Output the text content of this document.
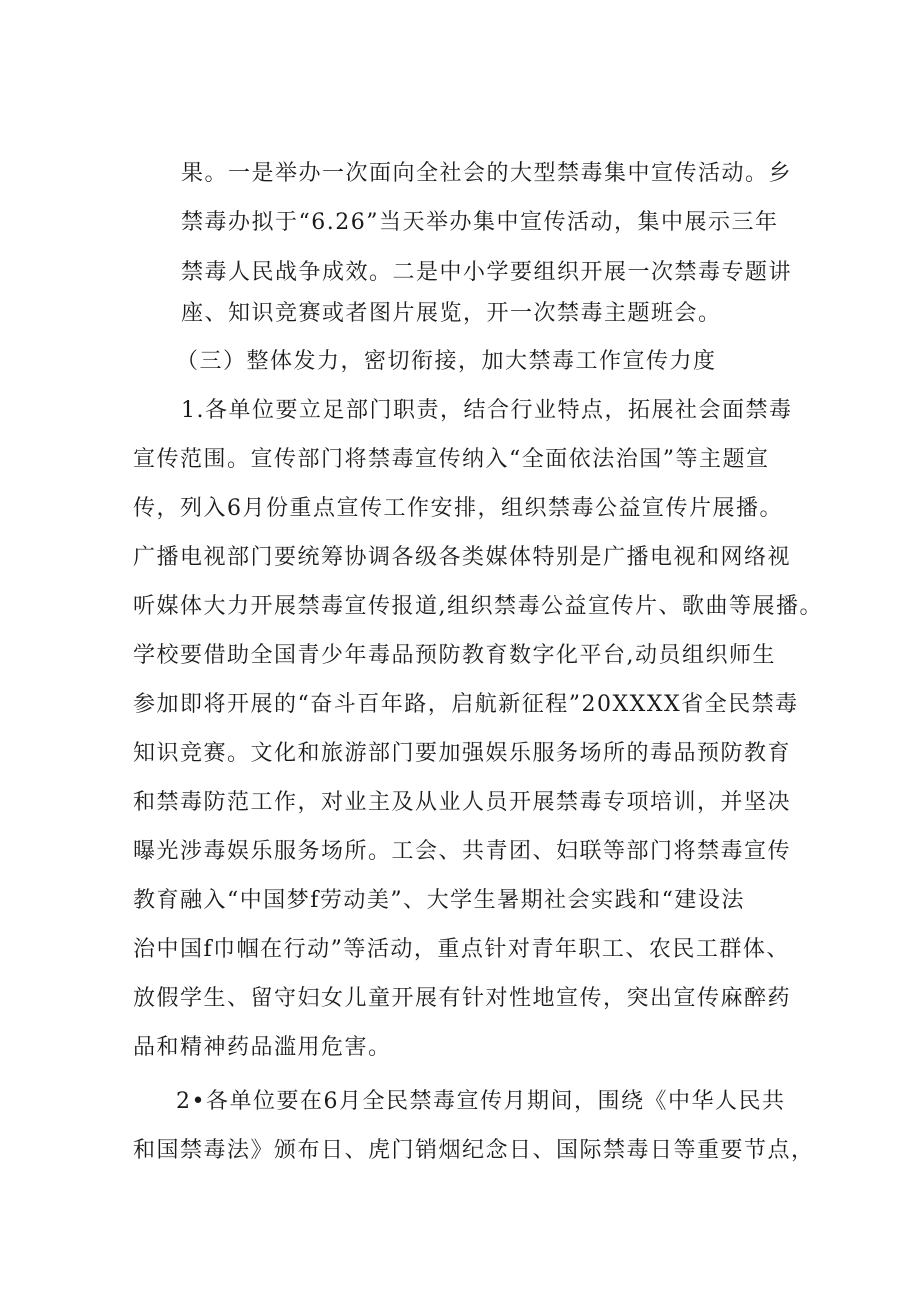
果。一是举办一次面向全社会的大型禁毒集中宣传活动。乡
禁毒办拟于“6.26”当天举办集中宣传活动，集中展示三年
禁毒人民战争成效。二是中小学要组织开展一次禁毒专题讲
座、知识竞赛或者图片展览，开一次禁毒主题班会。
（三）整体发力，密切衔接，加大禁毒工作宣传力度
1.各单位要立足部门职责，结合行业特点，拓展社会面禁毒
宣传范围。宣传部门将禁毒宣传纳入“全面依法治国”等主题宣
传，列入6月份重点宣传工作安排，组织禁毒公益宣传片展播。
广播电视部门要统筹协调各级各类媒体特别是广播电视和网络视
听媒体大力开展禁毒宣传报道,组织禁毒公益宣传片、歌曲等展播。
学校要借助全国青少年毒品预防教育数字化平台,动员组织师生
参加即将开展的“奋斗百年路，启航新征程”20XXXX省全民禁毒
知识竞赛。文化和旅游部门要加强娱乐服务场所的毒品预防教育
和禁毒防范工作，对业主及从业人员开展禁毒专项培训，并坚决
曝光涉毒娱乐服务场所。工会、共青团、妇联等部门将禁毒宣传
教育融入“中国梦f劳动美”、大学生暑期社会实践和“建设法
治中国f巾帼在行动”等活动，重点针对青年职工、农民工群体、
放假学生、留守妇女儿童开展有针对性地宣传，突出宣传麻醉药
品和精神药品滥用危害。
2•各单位要在6月全民禁毒宣传月期间，围绕《中华人民共
和国禁毒法》颁布日、虎门销烟纪念日、国际禁毒日等重要节点，
